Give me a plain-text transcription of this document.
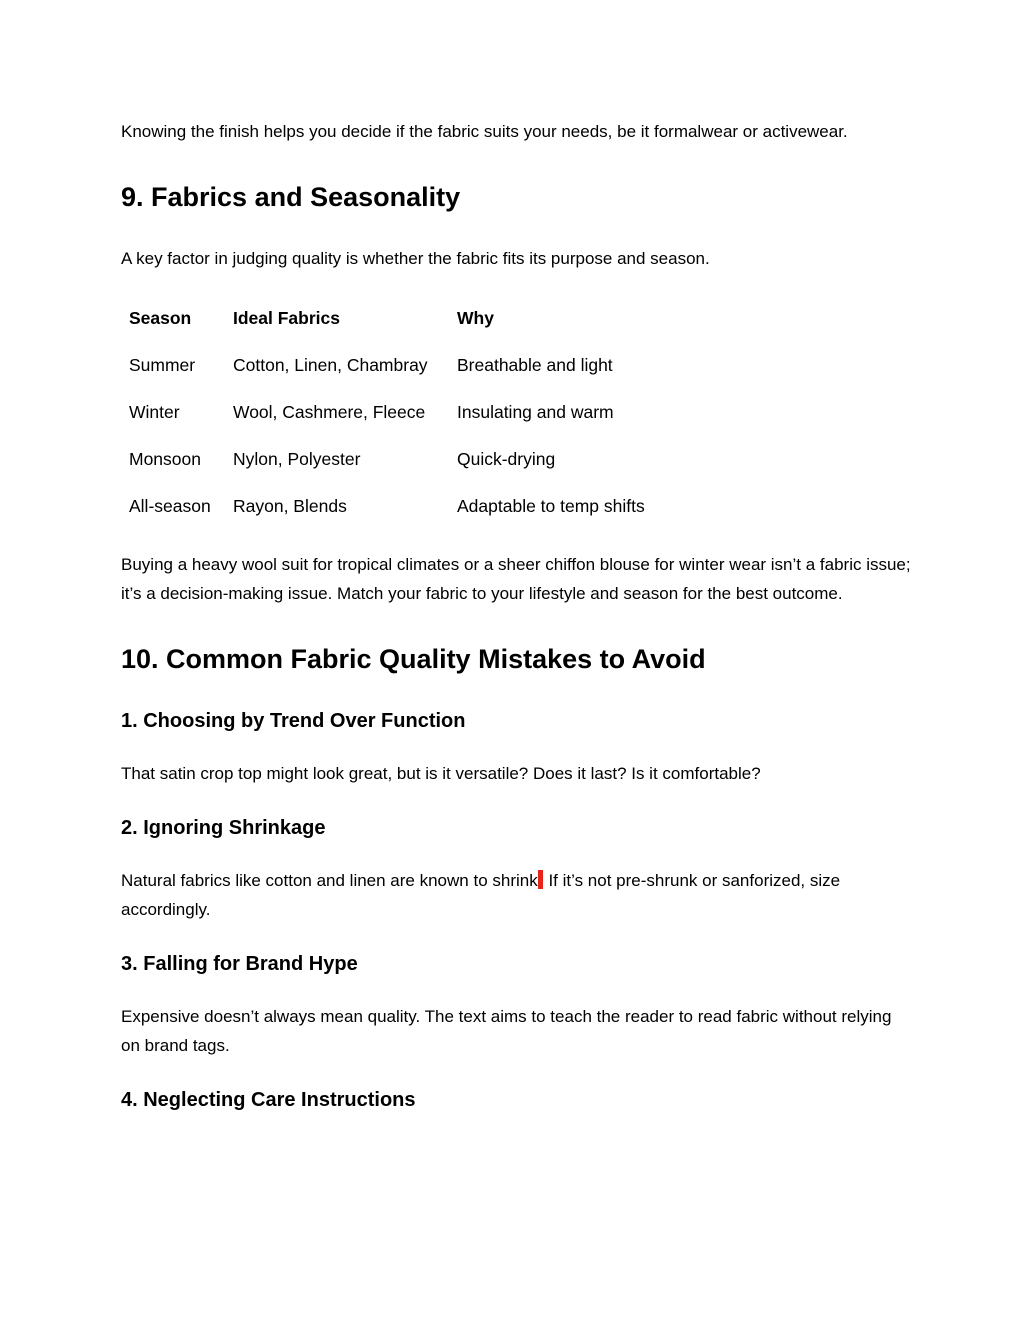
Knowing the finish helps you decide if the fabric suits your needs, be it formalwear or activewear.

9. Fabrics and Seasonality

A key factor in judging quality is whether the fabric fits its purpose and season.

Season	Ideal Fabrics	Why
Summer	Cotton, Linen, Chambray	Breathable and light
Winter	Wool, Cashmere, Fleece	Insulating and warm
Monsoon	Nylon, Polyester	Quick-drying
All-season	Rayon, Blends	Adaptable to temp shifts

Buying a heavy wool suit for tropical climates or a sheer chiffon blouse for winter wear isn’t a fabric issue; it’s a decision-making issue. Match your fabric to your lifestyle and season for the best outcome.

10. Common Fabric Quality Mistakes to Avoid
1. Choosing by Trend Over Function

That satin crop top might look great, but is it versatile? Does it last? Is it comfortable?

2. Ignoring Shrinkage

Natural fabrics like cotton and linen are known to shrink If it’s not pre-shrunk or sanforized, size accordingly.

3. Falling for Brand Hype

Expensive doesn’t always mean quality. The text aims to teach the reader to read fabric without relying on brand tags.

4. Neglecting Care Instructions
